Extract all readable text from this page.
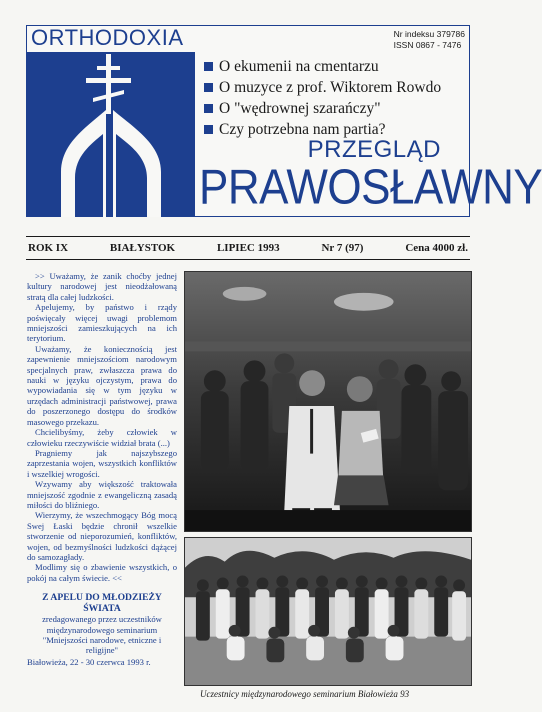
ORTHODOXIA	Nr indeksu 379786
ISSN 0867 - 7476
O ekumenii na cmentarzu
O muzyce z prof. Wiktorem Rowdo
O "wędrownej szarańczy"
Czy potrzebna nam partia?
PRZEGLĄD
PRAWOSŁAWNY
ROK IX	BIAŁYSTOK	LIPIEC 1993	Nr 7 (97)	Cena 4000 zł.

>> Uważamy, że zanik choćby jednej kultury narodowej jest nieodżałowaną stratą dla całej ludzkości.

Apelujemy, by państwo i rządy poświęcały więcej uwagi problemom mniejszości zamieszkujących na ich terytorium.

Uważamy, że koniecznością jest zapewnienie mniejszościom narodowym specjalnych praw, zwłaszcza prawa do nauki w języku ojczystym, prawa do wypowiadania się w tym języku w urzędach administracji państwowej, prawa do poszerzonego dostępu do środków masowego przekazu.

Chcielibyśmy, żeby człowiek w człowieku rzeczywiście widział brata (...)

Pragniemy jak najszybszego zaprzestania wojen, wszystkich konfliktów i wszelkiej wrogości.

Wzywamy aby większość traktowała mniejszość zgodnie z ewangeliczną zasadą miłości do bliźniego.

Wierzymy, że wszechmogący Bóg mocą Swej Łaski będzie chronił wszelkie stworzenie od nieporozumień, konfliktów, wojen, od bezmyślności ludzkości dążącej do samozagłady.

Modlimy się o zbawienie wszystkich, o pokój na całym świecie. <<

Z APELU DO MŁODZIEŻY
ŚWIATA
zredagowanego przez uczestników międzynarodowego seminarium "Mniejszości narodowe, etniczne i religijne"
Białowieża, 22 - 30 czerwca 1993 r.
Uczestnicy międzynarodowego seminarium Białowieża 93
